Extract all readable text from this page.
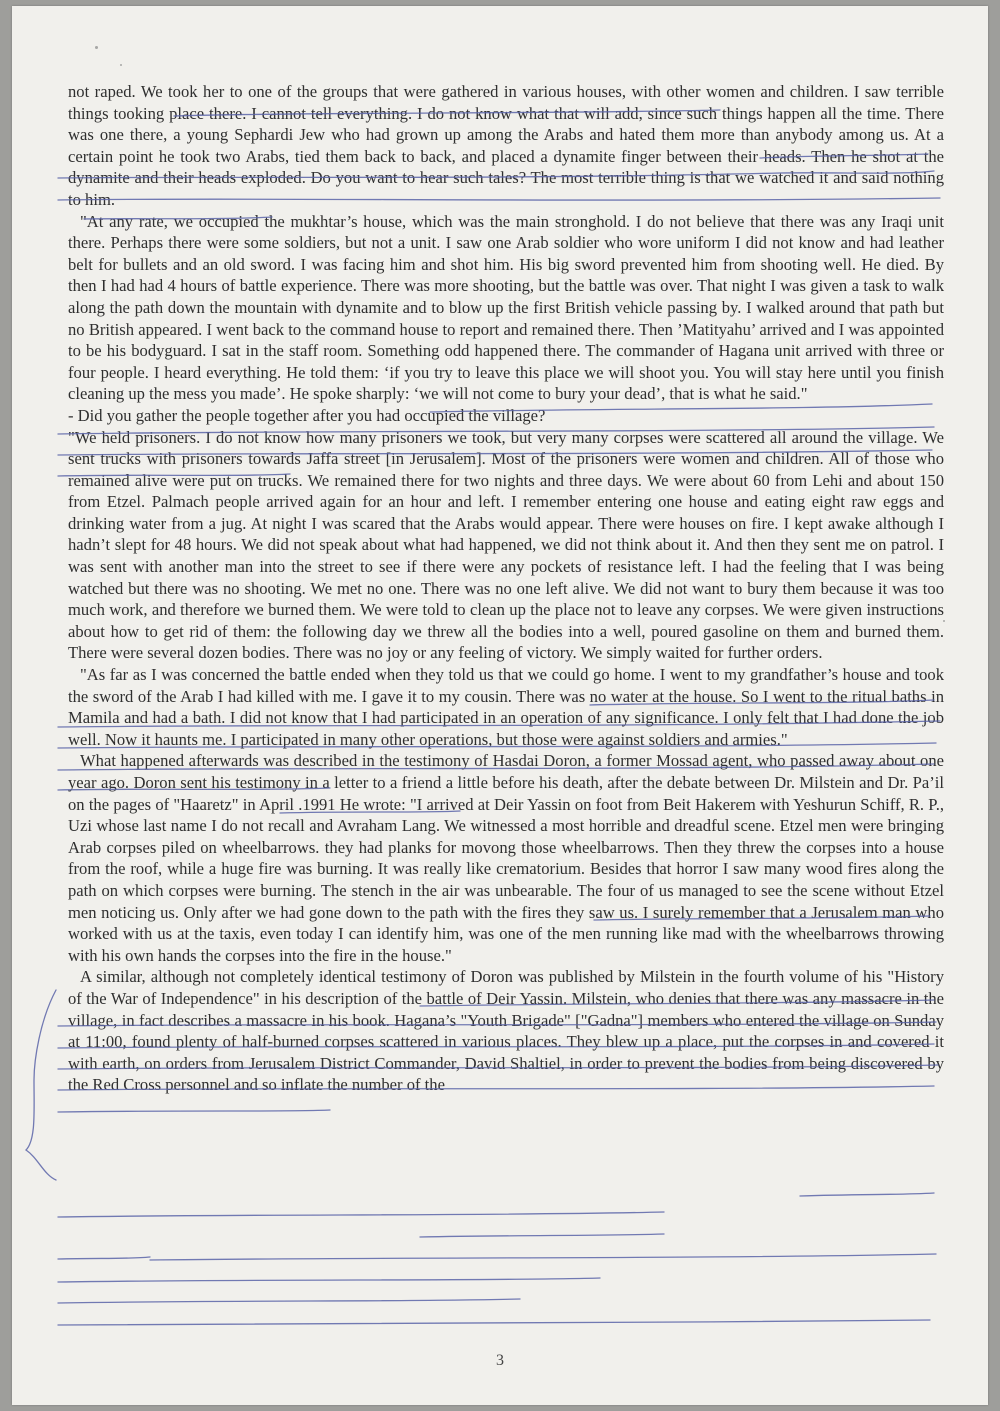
not raped. We took her to one of the groups that were gathered in various houses, with other women and children. I saw terrible things tooking place there. I cannot tell everything. I do not know what that will add, since such things happen all the time. There was one there, a young Sephardi Jew who had grown up among the Arabs and hated them more than anybody among us. At a certain point he took two Arabs, tied them back to back, and placed a dynamite finger between their heads. Then he shot at the dynamite and their heads exploded. Do you want to hear such tales? The most terrible thing is that we watched it and said nothing to him.

"At any rate, we occupied the mukhtar’s house, which was the main stronghold. I do not believe that there was any Iraqi unit there. Perhaps there were some soldiers, but not a unit. I saw one Arab soldier who wore uniform I did not know and had leather belt for bullets and an old sword. I was facing him and shot him. His big sword prevented him from shooting well. He died. By then I had had 4 hours of battle experience. There was more shooting, but the battle was over. That night I was given a task to walk along the path down the mountain with dynamite and to blow up the first British vehicle passing by. I walked around that path but no British appeared. I went back to the command house to report and remained there. Then ’Matityahu’ arrived and I was appointed to be his bodyguard. I sat in the staff room. Something odd happened there. The commander of Hagana unit arrived with three or four people. I heard everything. He told them: ‘if you try to leave this place we will shoot you. You will stay here until you finish cleaning up the mess you made’. He spoke sharply: ‘we will not come to bury your dead’, that is what he said."

- Did you gather the people together after you had occupied the village?

"We held prisoners. I do not know how many prisoners we took, but very many corpses were scattered all around the village. We sent trucks with prisoners towards Jaffa street [in Jerusalem]. Most of the prisoners were women and children. All of those who remained alive were put on trucks. We remained there for two nights and three days. We were about 60 from Lehi and about 150 from Etzel. Palmach people arrived again for an hour and left. I remember entering one house and eating eight raw eggs and drinking water from a jug. At night I was scared that the Arabs would appear. There were houses on fire. I kept awake although I hadn’t slept for 48 hours. We did not speak about what had happened, we did not think about it. And then they sent me on patrol. I was sent with another man into the street to see if there were any pockets of resistance left. I had the feeling that I was being watched but there was no shooting. We met no one. There was no one left alive. We did not want to bury them because it was too much work, and therefore we burned them. We were told to clean up the place not to leave any corpses. We were given instructions about how to get rid of them: the following day we threw all the bodies into a well, poured gasoline on them and burned them. There were several dozen bodies. There was no joy or any feeling of victory. We simply waited for further orders.

"As far as I was concerned the battle ended when they told us that we could go home. I went to my grandfather’s house and took the sword of the Arab I had killed with me. I gave it to my cousin. There was no water at the house. So I went to the ritual baths in Mamila and had a bath. I did not know that I had participated in an operation of any significance. I only felt that I had done the job well. Now it haunts me. I participated in many other operations, but those were against soldiers and armies."

What happened afterwards was described in the testimony of Hasdai Doron, a former Mossad agent, who passed away about one year ago. Doron sent his testimony in a letter to a friend a little before his death, after the debate between Dr. Milstein and Dr. Pa’il on the pages of "Haaretz" in April .1991 He wrote: "I arrived at Deir Yassin on foot from Beit Hakerem with Yeshurun Schiff, R. P., Uzi whose last name I do not recall and Avraham Lang. We witnessed a most horrible and dreadful scene. Etzel men were bringing Arab corpses piled on wheelbarrows. they had planks for movong those wheelbarrows. Then they threw the corpses into a house from the roof, while a huge fire was burning. It was really like crematorium. Besides that horror I saw many wood fires along the path on which corpses were burning. The stench in the air was unbearable. The four of us managed to see the scene without Etzel men noticing us. Only after we had gone down to the path with the fires they saw us. I surely remember that a Jerusalem man who worked with us at the taxis, even today I can identify him, was one of the men running like mad with the wheelbarrows throwing with his own hands the corpses into the fire in the house."

A similar, although not completely identical testimony of Doron was published by Milstein in the fourth volume of his "History of the War of Independence" in his description of the battle of Deir Yassin. Milstein, who denies that there was any massacre in the village, in fact describes a massacre in his book. Hagana’s "Youth Brigade" ["Gadna"] members who entered the village on Sunday at 11:00, found plenty of half-burned corpses scattered in various places. They blew up a place, put the corpses in and covered it with earth, on orders from Jerusalem District Commander, David Shaltiel, in order to prevent the bodies from being discovered by the Red Cross personnel and so inflate the number of the

3
